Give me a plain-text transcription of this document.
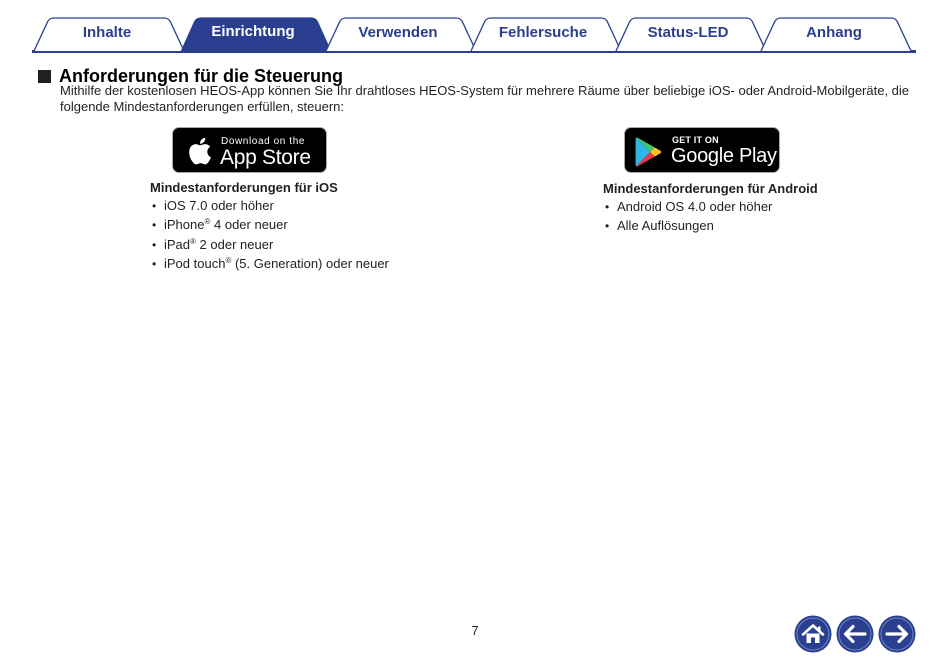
Inhalte	Einrichtung	Verwenden	Fehlersuche	Status-LED	Anhang
Anforderungen für die Steuerung

Mithilfe der kostenlosen HEOS-App können Sie Ihr drahtloses HEOS-System für mehrere Räume über beliebige iOS- oder Android-Mobilgeräte, die folgende Mindestanforderungen erfüllen, steuern:

Download on the
App Store
GET IT ON
Google Play
Mindestanforderungen für iOS
• iOS 7.0 oder höher
• iPhone® 4 oder neuer
• iPad® 2 oder neuer
• iPod touch® (5. Generation) oder neuer
Mindestanforderungen für Android
• Android OS 4.0 oder höher
• Alle Auflösungen
7
